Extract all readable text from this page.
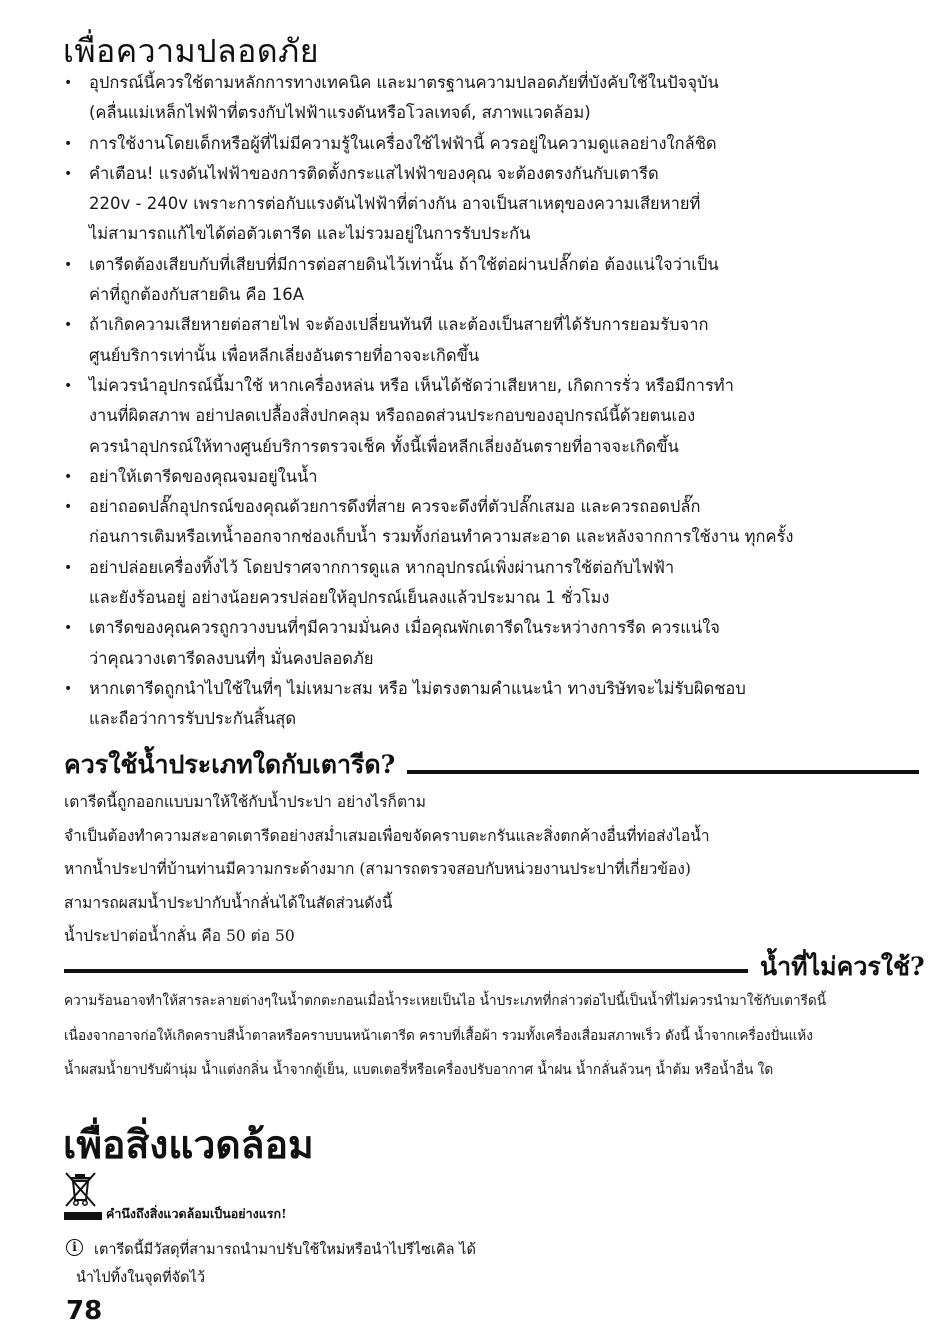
เพื่อความปลอดภัย
• อุปกรณ์นี้ควรใช้ตามหลักการทางเทคนิค และมาตรฐานความปลอดภัยที่บังคับใช้ในปัจจุบัน
(คลื่นแม่เหล็กไฟฟ้าที่ตรงกับไฟฟ้าแรงดันหรือโวลเทจด์, สภาพแวดล้อม)
• การใช้งานโดยเด็กหรือผู้ที่ไม่มีความรู้ในเครื่องใช้ไฟฟ้านี้ ควรอยู่ในความดูแลอย่างใกล้ชิด
• คำเตือน! แรงดันไฟฟ้าของการติดตั้งกระแสไฟฟ้าของคุณ จะต้องตรงกันกับเตารีด
220v - 240v เพราะการต่อกับแรงดันไฟฟ้าที่ต่างกัน อาจเป็นสาเหตุของความเสียหายที่
ไม่สามารถแก้ไขได้ต่อตัวเตารีด และไม่รวมอยู่ในการรับประกัน
• เตารีดต้องเสียบกับที่เสียบที่มีการต่อสายดินไว้เท่านั้น ถ้าใช้ต่อผ่านปลั๊กต่อ ต้องแน่ใจว่าเป็น
ค่าที่ถูกต้องกับสายดิน คือ 16A
• ถ้าเกิดความเสียหายต่อสายไฟ จะต้องเปลี่ยนทันที และต้องเป็นสายที่ได้รับการยอมรับจาก
ศูนย์บริการเท่านั้น เพื่อหลีกเลี่ยงอันตรายที่อาจจะเกิดขึ้น
• ไม่ควรนำอุปกรณ์นี้มาใช้ หากเครื่องหล่น หรือ เห็นได้ชัดว่าเสียหาย, เกิดการรั่ว หรือมีการทำ
งานที่ผิดสภาพ อย่าปลดเปลื้องสิ่งปกคลุม หรือถอดส่วนประกอบของอุปกรณ์นี้ด้วยตนเอง
ควรนำอุปกรณ์ให้ทางศูนย์บริการตรวจเช็ค ทั้งนี้เพื่อหลีกเลี่ยงอันตรายที่อาจจะเกิดขึ้น
• อย่าให้เตารีดของคุณจมอยู่ในน้ำ
• อย่าถอดปลั๊กอุปกรณ์ของคุณด้วยการดึงที่สาย ควรจะดึงที่ตัวปลั๊กเสมอ และควรถอดปลั๊ก
ก่อนการเติมหรือเทน้ำออกจากช่องเก็บน้ำ รวมทั้งก่อนทำความสะอาด และหลังจากการใช้งาน ทุกครั้ง
• อย่าปล่อยเครื่องทิ้งไว้ โดยปราศจากการดูแล หากอุปกรณ์เพิ่งผ่านการใช้ต่อกับไฟฟ้า
และยังร้อนอยู่ อย่างน้อยควรปล่อยให้อุปกรณ์เย็นลงแล้วประมาณ 1 ชั่วโมง
• เตารีดของคุณควรถูกวางบนที่ๆมีความมั่นคง เมื่อคุณพักเตารีดในระหว่างการรีด ควรแน่ใจ
ว่าคุณวางเตารีดลงบนที่ๆ มั่นคงปลอดภัย
• หากเตารีดถูกนำไปใช้ในที่ๆ ไม่เหมาะสม หรือ ไม่ตรงตามคำแนะนำ ทางบริษัทจะไม่รับผิดชอบ
และถือว่าการรับประกันสิ้นสุด
ควรใช้น้ำประเภทใดกับเตารีด?
เตารีดนี้ถูกออกแบบมาให้ใช้กับน้ำประปา อย่างไรก็ตาม
จำเป็นต้องทำความสะอาดเตารีดอย่างสม่ำเสมอเพื่อขจัดคราบตะกรันและสิ่งตกค้างอื่นที่ท่อส่งไอน้ำ
หากน้ำประปาที่บ้านท่านมีความกระด้างมาก (สามารถตรวจสอบกับหน่วยงานประปาที่เกี่ยวข้อง)
สามารถผสมน้ำประปากับน้ำกลั่นได้ในสัดส่วนดังนี้
น้ำประปาต่อน้ำกลั่น คือ 50 ต่อ 50
น้ำที่ไม่ควรใช้?
ความร้อนอาจทำให้สารละลายต่างๆในน้ำตกตะกอนเมื่อน้ำระเหยเป็นไอ น้ำประเภทที่กล่าวต่อไปนี้เป็นน้ำที่ไม่ควรนำมาใช้กับเตารีดนี้
เนื่องจากอาจก่อให้เกิดคราบสีน้ำตาลหรือคราบบนหน้าเตารีด คราบที่เสื้อผ้า รวมทั้งเครื่องเสื่อมสภาพเร็ว ดังนี้ น้ำจากเครื่องปั่นแห้ง
น้ำผสมน้ำยาปรับผ้านุ่ม น้ำแต่งกลิ่น น้ำจากตู้เย็น, แบตเตอรี่หรือเครื่องปรับอากาศ น้ำฝน น้ำกลั่นล้วนๆ น้ำต้ม หรือน้ำอื่น ใด
เพื่อสิ่งแวดล้อม
คำนึงถึงสิ่งแวดล้อมเป็นอย่างแรก!
i	เตารีดนี้มีวัสดุที่สามารถนำมาปรับใช้ใหม่หรือนำไปรีไซเคิล ได้
นำไปทิ้งในจุดที่จัดไว้
78
